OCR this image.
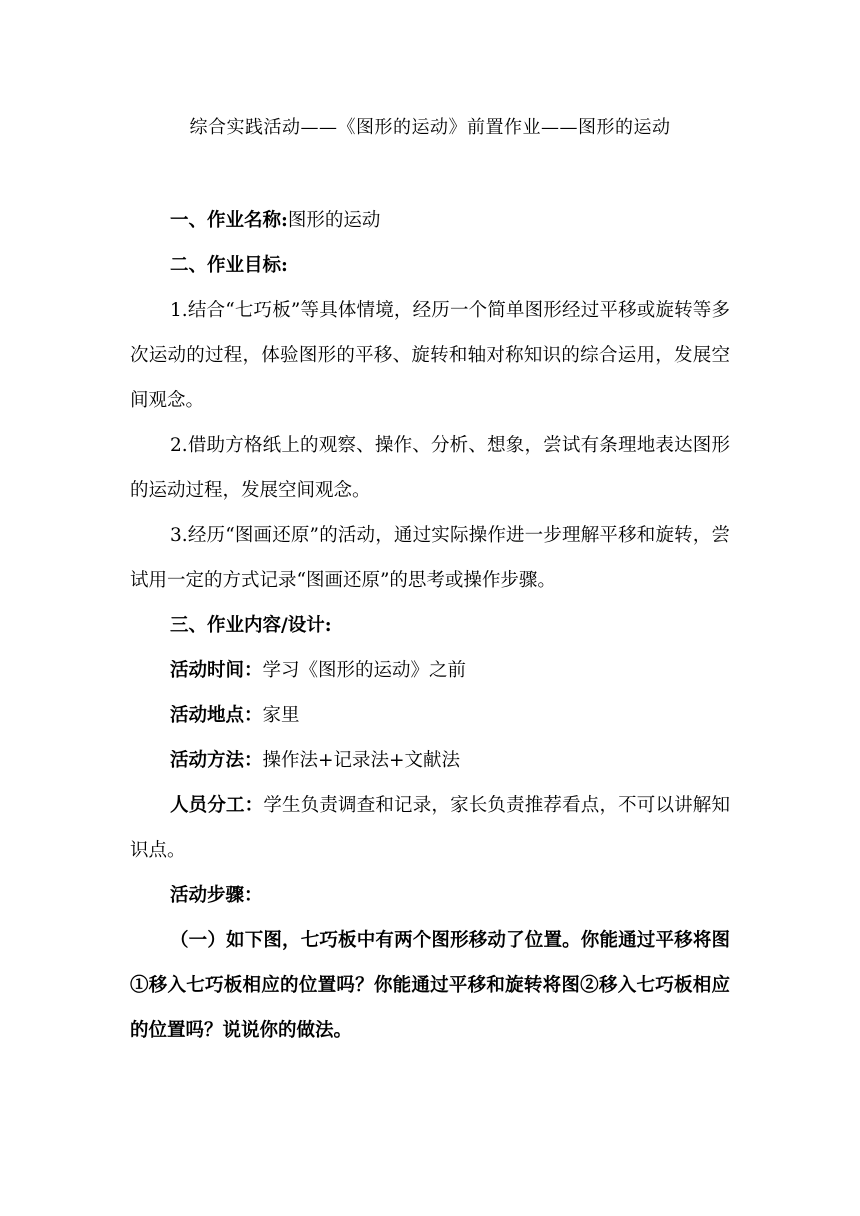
综合实践活动——《图形的运动》前置作业——图形的运动

一、作业名称:图形的运动

二、作业目标:

1.结合“七巧板”等具体情境，经历一个简单图形经过平移或旋转等多次运动的过程，体验图形的平移、旋转和轴对称知识的综合运用，发展空间观念。

2.借助方格纸上的观察、操作、分析、想象，尝试有条理地表达图形的运动过程，发展空间观念。

3.经历“图画还原”的活动，通过实际操作进一步理解平移和旋转，尝试用一定的方式记录“图画还原”的思考或操作步骤。

三、作业内容/设计:

活动时间：学习《图形的运动》之前

活动地点：家里

活动方法：操作法+记录法+文献法

人员分工：学生负责调查和记录，家长负责推荐看点，不可以讲解知识点。

活动步骤：

（一）如下图，七巧板中有两个图形移动了位置。你能通过平移将图①移入七巧板相应的位置吗？你能通过平移和旋转将图②移入七巧板相应的位置吗？说说你的做法。
